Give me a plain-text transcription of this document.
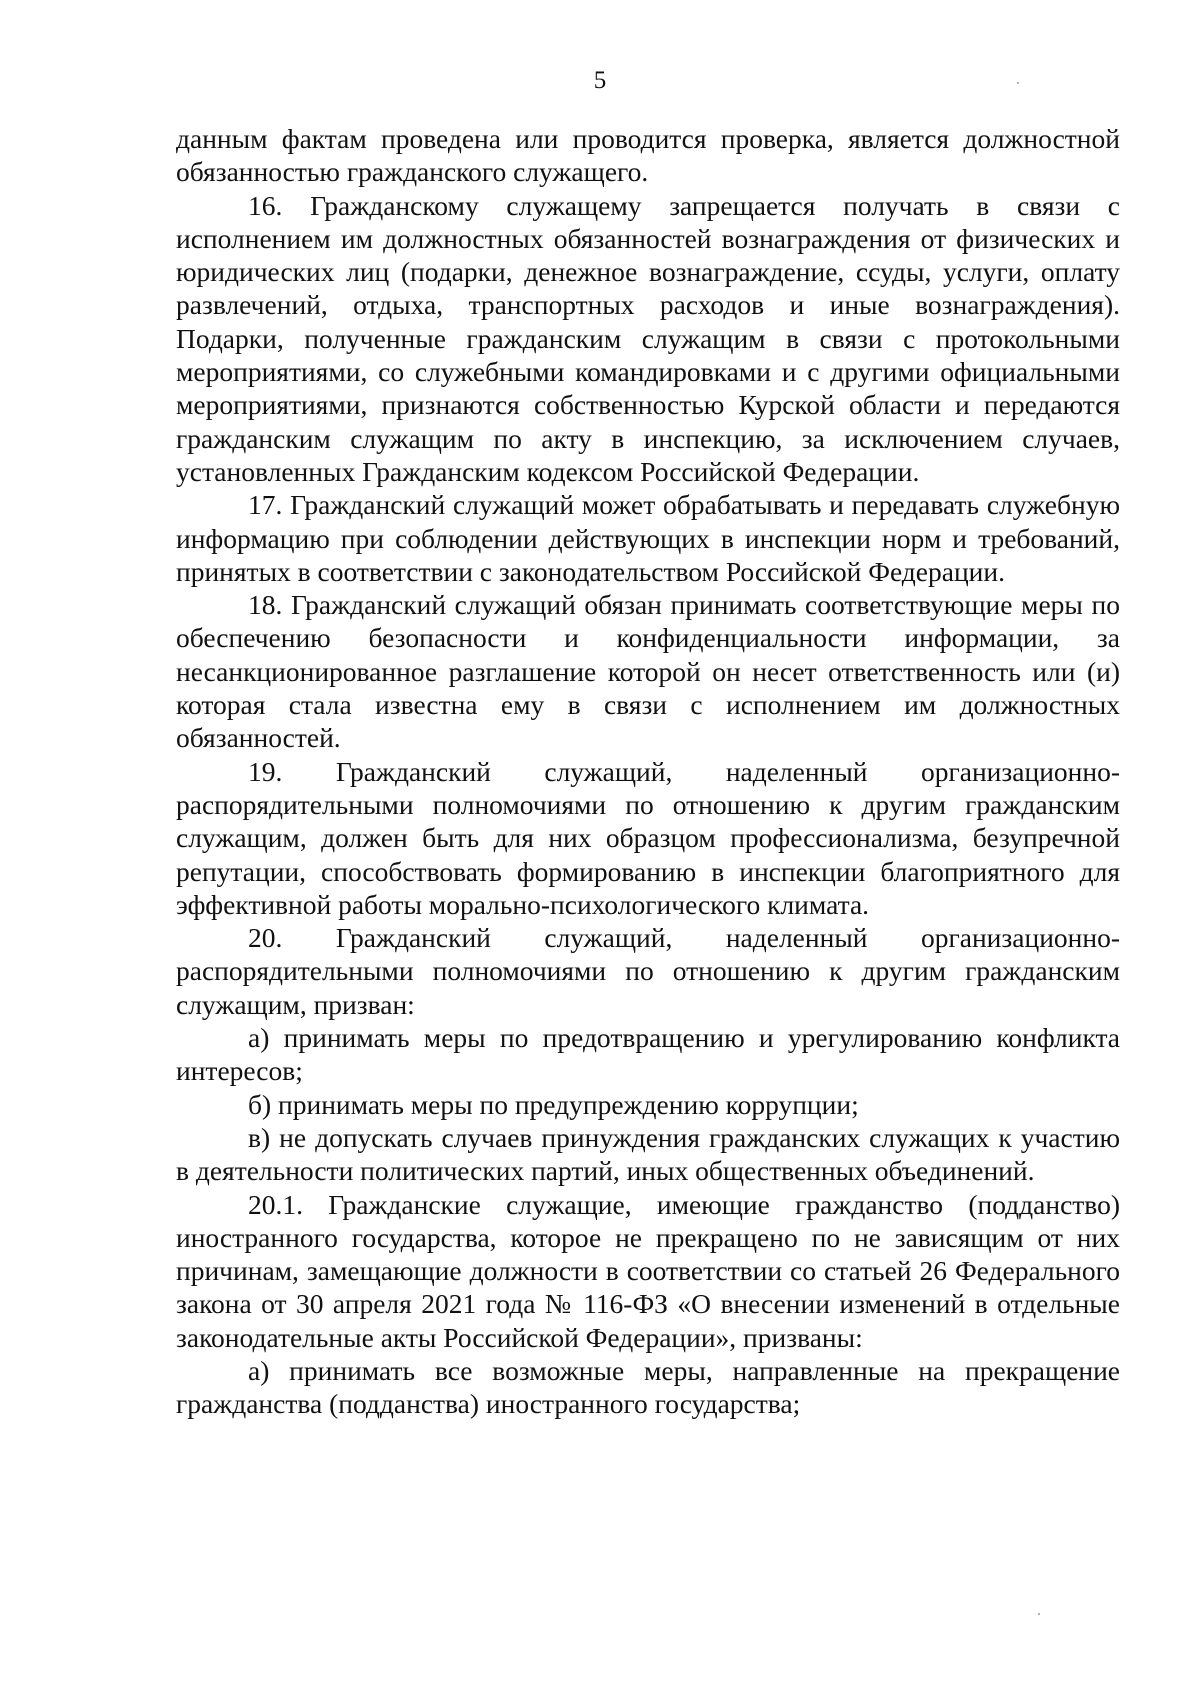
5

данным фактам проведена или проводится проверка, является должностной обязанностью гражданского служащего.

16. Гражданскому служащему запрещается получать в связи с исполнением им должностных обязанностей вознаграждения от физических и юридических лиц (подарки, денежное вознаграждение, ссуды, услуги, оплату развлечений, отдыха, транспортных расходов и иные вознаграждения). Подарки, полученные гражданским служащим в связи с протокольными мероприятиями, со служебными командировками и с другими официальными мероприятиями, признаются собственностью Курской области и передаются гражданским служащим по акту в инспекцию, за исключением случаев, установленных Гражданским кодексом Российской Федерации.

17. Гражданский служащий может обрабатывать и передавать служебную информацию при соблюдении действующих в инспекции норм и требований, принятых в соответствии с законодательством Российской Федерации.

18. Гражданский служащий обязан принимать соответствующие меры по обеспечению безопасности и конфиденциальности информации, за несанкционированное разглашение которой он несет ответственность или (и) которая стала известна ему в связи с исполнением им должностных обязанностей.

19. Гражданский служащий, наделенный организационно-распорядительными полномочиями по отношению к другим гражданским служащим, должен быть для них образцом профессионализма, безупречной репутации, способствовать формированию в инспекции благоприятного для эффективной работы морально-психологического климата.

20. Гражданский служащий, наделенный организационно-распорядительными полномочиями по отношению к другим гражданским служащим, призван:

а) принимать меры по предотвращению и урегулированию конфликта интересов;

б) принимать меры по предупреждению коррупции;

в) не допускать случаев принуждения гражданских служащих к участию в деятельности политических партий, иных общественных объединений.

20.1. Гражданские служащие, имеющие гражданство (подданство) иностранного государства, которое не прекращено по не зависящим от них причинам, замещающие должности в соответствии со статьей 26 Федерального закона от 30 апреля 2021 года № 116-ФЗ «О внесении изменений в отдельные законодательные акты Российской Федерации», призваны:

а) принимать все возможные меры, направленные на прекращение гражданства (подданства) иностранного государства;
